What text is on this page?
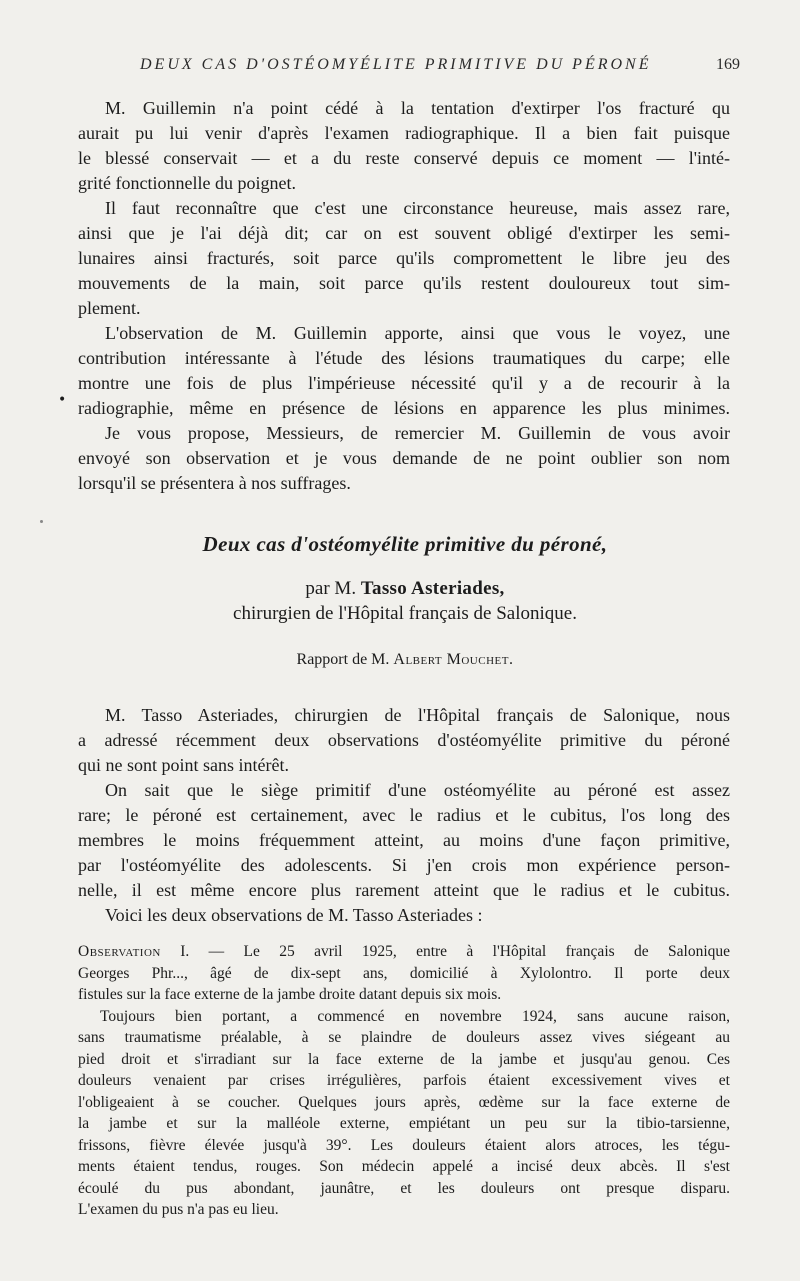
DEUX CAS D'OSTÉOMYÉLITE PRIMITIVE DU PÉRONÉ	169
M. Guillemin n'a point cédé à la tentation d'extirper l'os fracturé qu
aurait pu lui venir d'après l'examen radiographique. Il a bien fait puisque
le blessé conservait — et a du reste conservé depuis ce moment — l'inté-
grité fonctionnelle du poignet.
Il faut reconnaître que c'est une circonstance heureuse, mais assez rare,
ainsi que je l'ai déjà dit; car on est souvent obligé d'extirper les semi-
lunaires ainsi fracturés, soit parce qu'ils compromettent le libre jeu des
mouvements de la main, soit parce qu'ils restent douloureux tout sim-
plement.
L'observation de M. Guillemin apporte, ainsi que vous le voyez, une
contribution intéressante à l'étude des lésions traumatiques du carpe; elle
montre une fois de plus l'impérieuse nécessité qu'il y a de recourir à la
radiographie, même en présence de lésions en apparence les plus minimes.
Je vous propose, Messieurs, de remercier M. Guillemin de vous avoir
envoyé son observation et je vous demande de ne point oublier son nom
lorsqu'il se présentera à nos suffrages.
•
Deux cas d'ostéomyélite primitive du péroné,
par M. Tasso Asteriades,
chirurgien de l'Hôpital français de Salonique.
Rapport de M. Albert Mouchet.
M. Tasso Asteriades, chirurgien de l'Hôpital français de Salonique, nous
a adressé récemment deux observations d'ostéomyélite primitive du péroné
qui ne sont point sans intérêt.
On sait que le siège primitif d'une ostéomyélite au péroné est assez
rare; le péroné est certainement, avec le radius et le cubitus, l'os long des
membres le moins fréquemment atteint, au moins d'une façon primitive,
par l'ostéomyélite des adolescents. Si j'en crois mon expérience person-
nelle, il est même encore plus rarement atteint que le radius et le cubitus.
Voici les deux observations de M. Tasso Asteriades :
Observation I. — Le 25 avril 1925, entre à l'Hôpital français de Salonique
Georges Phr..., âgé de dix-sept ans, domicilié à Xylolontro. Il porte deux
fistules sur la face externe de la jambe droite datant depuis six mois.
Toujours bien portant, a commencé en novembre 1924, sans aucune raison,
sans traumatisme préalable, à se plaindre de douleurs assez vives siégeant au
pied droit et s'irradiant sur la face externe de la jambe et jusqu'au genou. Ces
douleurs venaient par crises irrégulières, parfois étaient excessivement vives et
l'obligeaient à se coucher. Quelques jours après, œdème sur la face externe de
la jambe et sur la malléole externe, empiétant un peu sur la tibio-tarsienne,
frissons, fièvre élevée jusqu'à 39°. Les douleurs étaient alors atroces, les tégu-
ments étaient tendus, rouges. Son médecin appelé a incisé deux abcès. Il s'est
écoulé du pus abondant, jaunâtre, et les douleurs ont presque disparu.
L'examen du pus n'a pas eu lieu.
